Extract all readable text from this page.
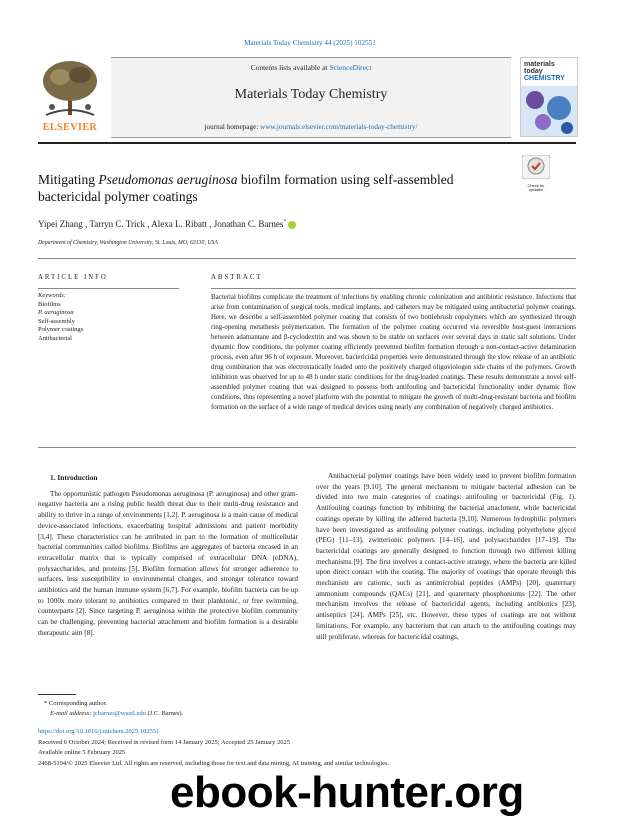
Materials Today Chemistry 44 (2025) 102551
Contents lists available at ScienceDirect
Materials Today Chemistry
journal homepage: www.journals.elsevier.com/materials-today-chemistry/
ELSEVIER
materials
today
CHEMISTRY
Mitigating Pseudomonas aeruginosa biofilm formation using self-assembled bactericidal polymer coatings
Check for
updates
Yipei Zhang , Tarryn C. Trick , Alexa L. Ribatt , Jonathan C. Barnes*
Department of Chemistry, Washington University, St. Louis, MO, 63130, USA
ARTICLE INFO	ABSTRACT
Keywords:
Biofilms
P. aeruginosa
Self-assembly
Polymer coatings
Antibacterial
Bacterial biofilms complicate the treatment of infections by enabling chronic colonization and antibiotic resistance. Infections that arise from contamination of surgical tools, medical implants, and catheters may be mitigated using antibacterial polymer coatings. Here, we describe a self-assembled polymer coating that consists of two bottlebrush copolymers which are synthesized through ring-opening metathesis polymerization. The formation of the polymer coating occurred via reversible host-guest interactions between adamantane and β-cyclodextrin and was shown to be stable on surfaces over several days in static salt solutions. Under dynamic flow conditions, the polymer coating efficiently prevented biofilm formation through a non-contact-active delamination process, even after 96 h of exposure. Moreover, bactericidal properties were demonstrated through the slow release of an antibiotic drug combination that was electrostatically loaded onto the positively charged oligoviologen side chains of the polymers. Growth inhibition was observed for up to 48 h under static conditions for the drug-loaded coatings. These results demonstrate a novel self-assembled polymer coating that was designed to possess both antifouling and bactericidal functionality under dynamic flow conditions, thus representing a novel platform with the potential to mitigate the growth of multi-drug-resistant bacteria and biofilm formation on the surface of a wide range of medical devices using nearly any combination of negatively charged antibiotics.

1. Introduction

The opportunistic pathogen Pseudomonas aeruginosa (P. aeruginosa) and other gram-negative bacteria are a rising public health threat due to their multi-drug resistance and ability to thrive in a range of environments [1,2]. P. aeruginosa is a main cause of medical device-associated infections, exacerbating hospital admissions and patient morbidity [3,4]. These characteristics can be attributed in part to the formation of multicellular bacterial communities called biofilms. Biofilms are aggregates of bacteria encased in an extracellular matrix that is typically comprised of extracellular DNA (eDNA), polysaccharides, and proteins [5]. Biofilm formation allows for stronger adherence to surfaces, less susceptibility to environmental changes, and stronger tolerance toward antibiotics and the human immune system [6,7]. For example, biofilm bacteria can be up to 1000x more tolerant to antibiotics compared to their planktonic, or free swimming, counterparts [2]. Since targeting P. aeruginosa within the protective biofilm community can be challenging, preventing bacterial attachment and biofilm formation is a desirable therapeutic aim [8].

Antibacterial polymer coatings have been widely used to prevent biofilm formation over the years [9,10]. The general mechanism to mitigate bacterial adhesion can be divided into two main categories of coatings: antifouling or bactericidal (Fig. 1). Antifouling coatings function by inhibiting the bacterial attachment, while bactericidal coatings operate by killing the adhered bacteria [9,10]. Numerous hydrophilic polymers have been investigated as antifouling polymer coatings, including polyethylene glycol (PEG) [11–13], zwitterionic polymers [14–16], and polysaccharides [17–19]. The bactericidal coatings are generally designed to function through two different killing mechanisms [9]. The first involves a contact-active strategy, where the bacteria are killed upon direct contact with the coating. The majority of coatings that operate through this mechanism are cationic, such as antimicrobial peptides (AMPs) [20], quaternary ammonium compounds (QACs) [21], and quaternary phosphoniums [22]. The other mechanism involves the release of bactericidal agents, including antibiotics [23], antiseptics [24], AMPs [25], etc. However, these types of coatings are not without limitations. For example, any bacterium that can attach to the antifouling coatings may still proliferate, whereas for bactericidal coatings,

* Corresponding author.
E-mail address: jcbarnes@wustl.edu (J.C. Barnes).
https://doi.org/10.1016/j.mtchem.2025.102551
Received 6 October 2024; Received in revised form 14 January 2025; Accepted 25 January 2025
Available online 5 February 2025
2468-5194/© 2025 Elsevier Ltd. All rights are reserved, including those for text and data mining, AI training, and similar technologies.
ebook-hunter.org
